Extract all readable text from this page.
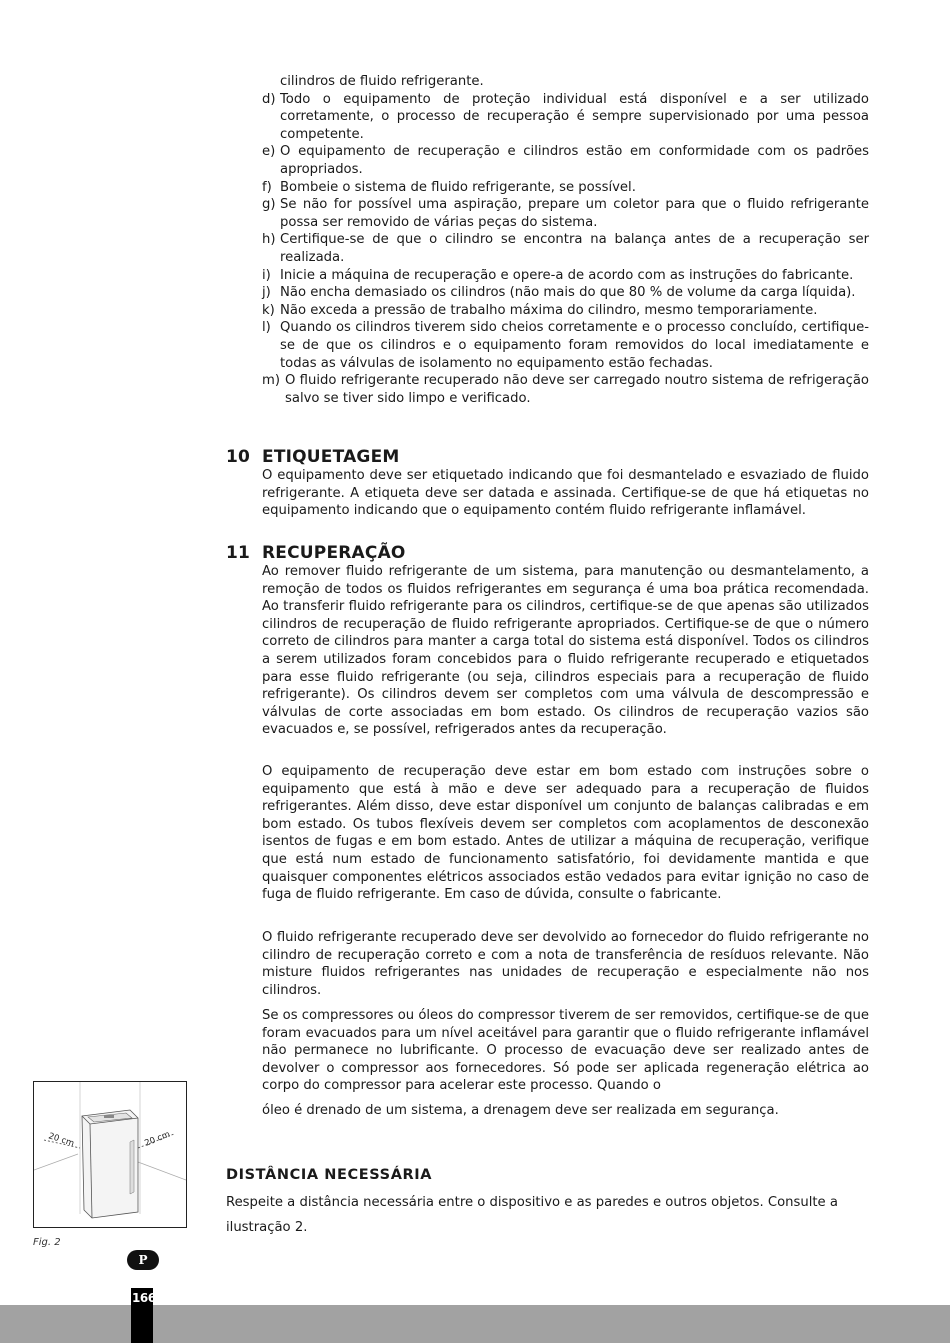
cilindros de fluido refrigerante.
d) Todo o equipamento de proteção individual está disponível e a ser utilizado corretamente, o processo de recuperação é sempre supervisionado por uma pessoa competente.
e) O equipamento de recuperação e cilindros estão em conformidade com os padrões apropriados.
f) Bombeie o sistema de fluido refrigerante, se possível.
g) Se não for possível uma aspiração, prepare um coletor para que o fluido refrigerante possa ser removido de várias peças do sistema.
h) Certifique-se de que o cilindro se encontra na balança antes de a recuperação ser realizada.
i) Inicie a máquina de recuperação e opere-a de acordo com as instruções do fabricante.
j) Não encha demasiado os cilindros (não mais do que 80 % de volume da carga líquida).
k) Não exceda a pressão de trabalho máxima do cilindro, mesmo temporariamente.
l) Quando os cilindros tiverem sido cheios corretamente e o processo concluído, certifique-se de que os cilindros e o equipamento foram removidos do local imediatamente e todas as válvulas de isolamento no equipamento estão fechadas.
m) O fluido refrigerante recuperado não deve ser carregado noutro sistema de refrigeração salvo se tiver sido limpo e verificado.
10 ETIQUETAGEM

O equipamento deve ser etiquetado indicando que foi desmantelado e esvaziado de fluido refrigerante. A etiqueta deve ser datada e assinada. Certifique-se de que há etiquetas no equipamento indicando que o equipamento contém fluido refrigerante inflamável.

11 RECUPERAÇÃO

Ao remover fluido refrigerante de um sistema, para manutenção ou desmantelamento, a remoção de todos os fluidos refrigerantes em segurança é uma boa prática recomendada. Ao transferir fluido refrigerante para os cilindros, certifique-se de que apenas são utilizados cilindros de recuperação de fluido refrigerante apropriados. Certifique-se de que o número correto de cilindros para manter a carga total do sistema está disponível. Todos os cilindros a serem utilizados foram concebidos para o fluido refrigerante recuperado e etiquetados para esse fluido refrigerante (ou seja, cilindros especiais para a recuperação de fluido refrigerante). Os cilindros devem ser completos com uma válvula de descompressão e válvulas de corte associadas em bom estado. Os cilindros de recuperação vazios são evacuados e, se possível, refrigerados antes da recuperação.

O equipamento de recuperação deve estar em bom estado com instruções sobre o equipamento que está à mão e deve ser adequado para a recuperação de fluidos refrigerantes. Além disso, deve estar disponível um conjunto de balanças calibradas e em bom estado. Os tubos flexíveis devem ser completos com acoplamentos de desconexão isentos de fugas e em bom estado. Antes de utilizar a máquina de recuperação, verifique que está num estado de funcionamento satisfatório, foi devidamente mantida e que quaisquer componentes elétricos associados estão vedados para evitar ignição no caso de fuga de fluido refrigerante. Em caso de dúvida, consulte o fabricante.

O fluido refrigerante recuperado deve ser devolvido ao fornecedor do fluido refrigerante no cilindro de recuperação correto e com a nota de transferência de resíduos relevante. Não misture fluidos refrigerantes nas unidades de recuperação e especialmente não nos cilindros.

Se os compressores ou óleos do compressor tiverem de ser removidos, certifique-se de que foram evacuados para um nível aceitável para garantir que o fluido refrigerante inflamável não permanece no lubrificante. O processo de evacuação deve ser realizado antes de devolver o compressor aos fornecedores. Só pode ser aplicada regeneração elétrica ao corpo do compressor para acelerar este processo. Quando o

óleo é drenado de um sistema, a drenagem deve ser realizada em segurança.

20 cm	20 cm
Fig. 2
DISTÂNCIA NECESSÁRIA

Respeite a distância necessária entre o dispositivo e as paredes e outros objetos. Consulte a ilustração 2.

P
166
